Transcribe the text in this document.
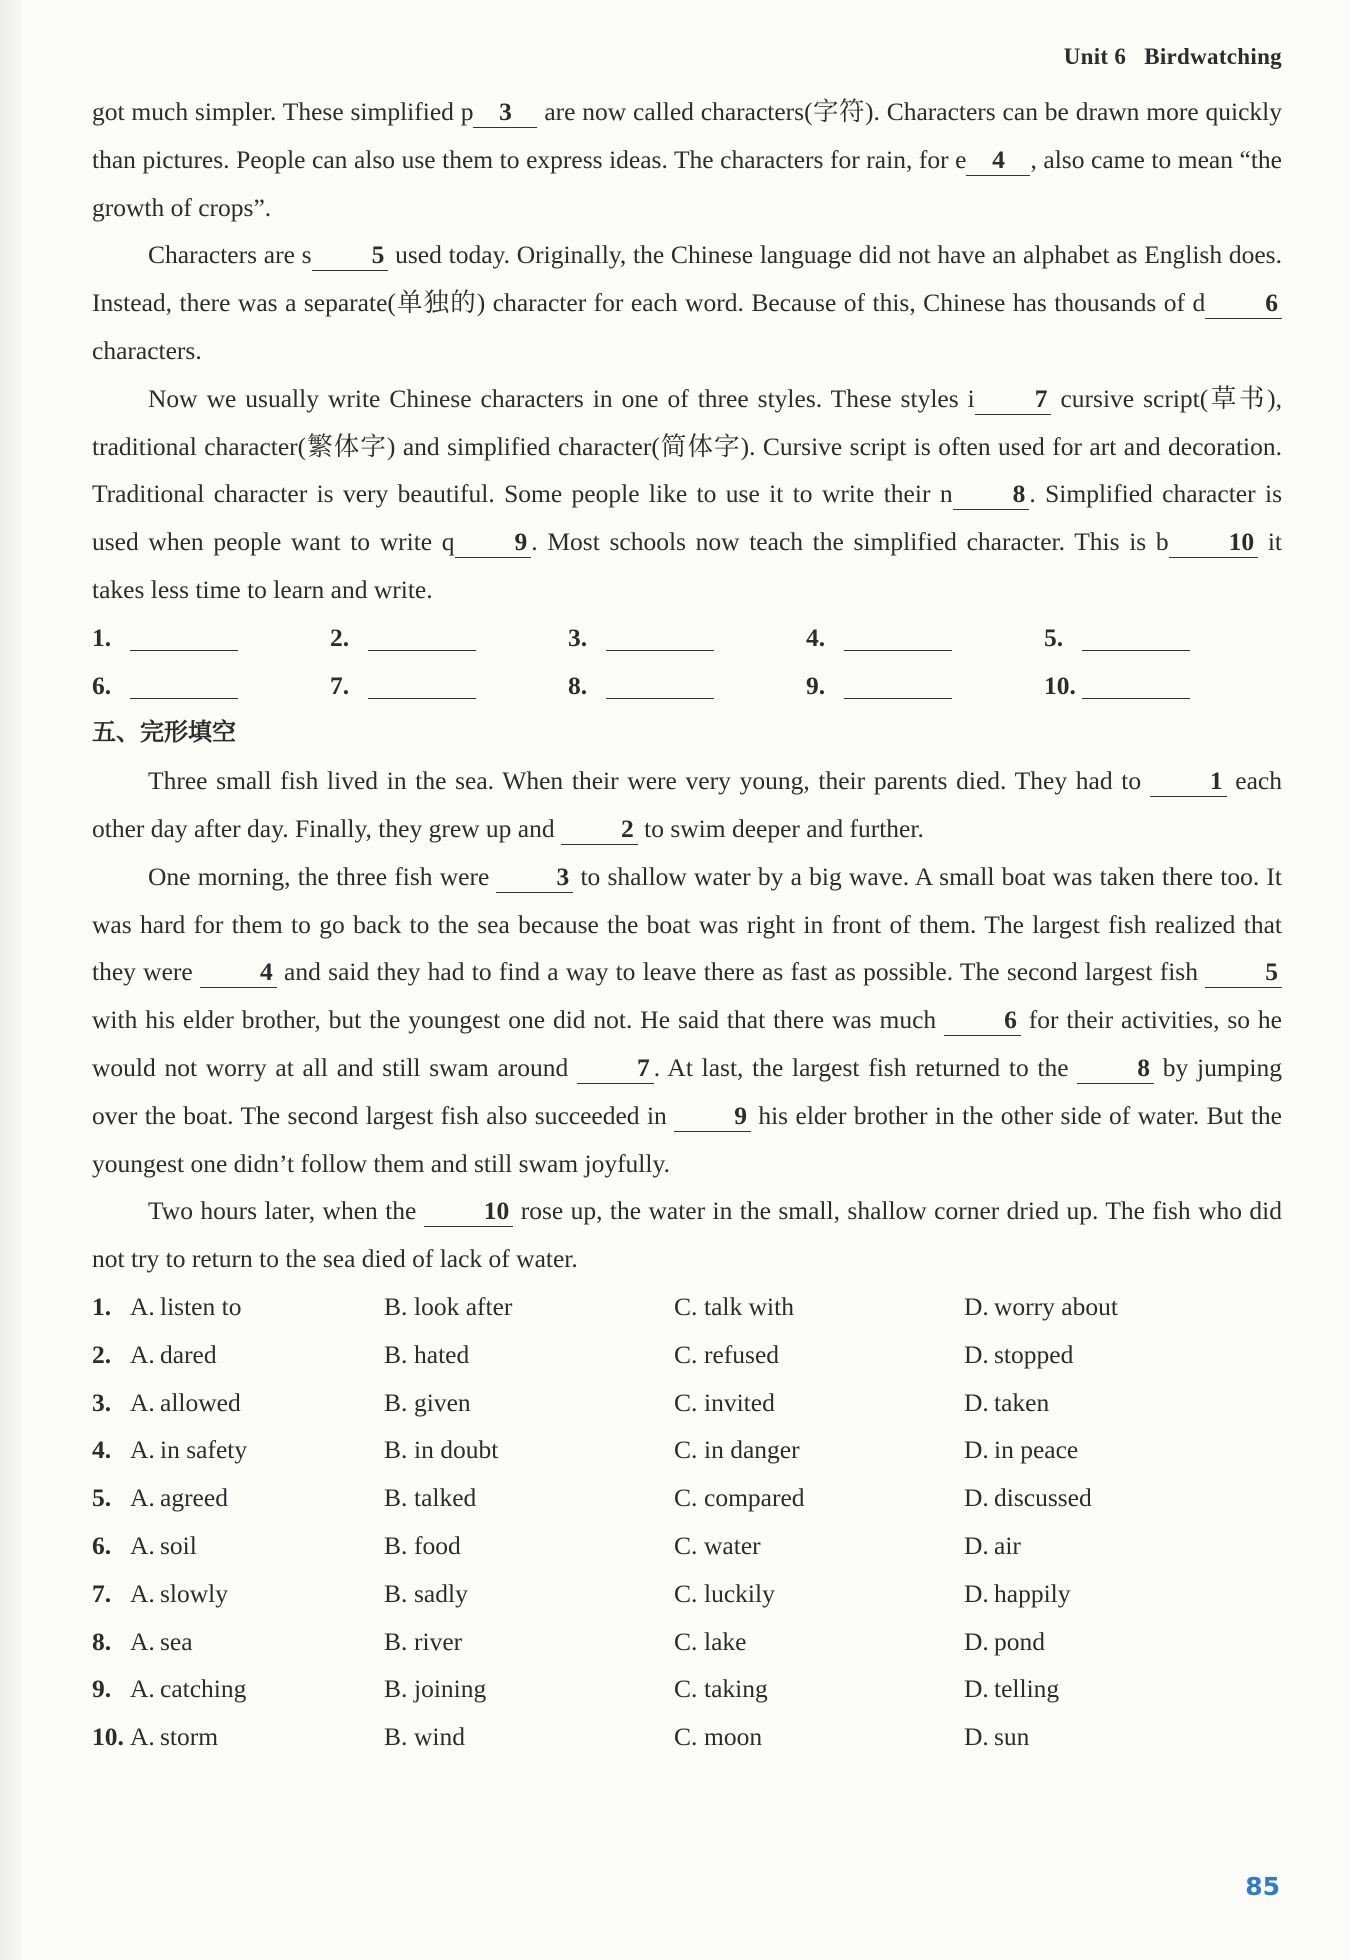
Unit 6 Birdwatching

got much simpler. These simplified p 3 are now called characters(字符). Characters can be drawn more quickly than pictures. People can also use them to express ideas. The characters for rain, for e 4 , also came to mean “the growth of crops”.

Characters are s 5 used today. Originally, the Chinese language did not have an alphabet as English does. Instead, there was a separate(单独的) character for each word. Because of this, Chinese has thousands of d 6 characters.

Now we usually write Chinese characters in one of three styles. These styles i 7 cursive script(草书), traditional character(繁体字) and simplified character(简体字). Cursive script is often used for art and decoration. Traditional character is very beautiful. Some people like to use it to write their n 8 . Simplified character is used when people want to write q 9 . Most schools now teach the simplified character. This is b 10 it takes less time to learn and write.

1.	2.	3.	4.	5.
6.	7.	8.	9.	10.
五、完形填空

Three small fish lived in the sea. When their were very young, their parents died. They had to 1 each other day after day. Finally, they grew up and 2 to swim deeper and further.

One morning, the three fish were 3 to shallow water by a big wave. A small boat was taken there too. It was hard for them to go back to the sea because the boat was right in front of them. The largest fish realized that they were 4 and said they had to find a way to leave there as fast as possible. The second largest fish 5 with his elder brother, but the youngest one did not. He said that there was much 6 for their activities, so he would not worry at all and still swam around 7 . At last, the largest fish returned to the 8 by jumping over the boat. The second largest fish also succeeded in 9 his elder brother in the other side of water. But the youngest one didn’t follow them and still swam joyfully.

Two hours later, when the 10 rose up, the water in the small, shallow corner dried up. The fish who did not try to return to the sea died of lack of water.

1. A. listen to	B. look after	C. talk with	D. worry about
2. A. dared	B. hated	C. refused	D. stopped
3. A. allowed	B. given	C. invited	D. taken
4. A. in safety	B. in doubt	C. in danger	D. in peace
5. A. agreed	B. talked	C. compared	D. discussed
6. A. soil	B. food	C. water	D. air
7. A. slowly	B. sadly	C. luckily	D. happily
8. A. sea	B. river	C. lake	D. pond
9. A. catching	B. joining	C. taking	D. telling
10. A. storm	B. wind	C. moon	D. sun
85
